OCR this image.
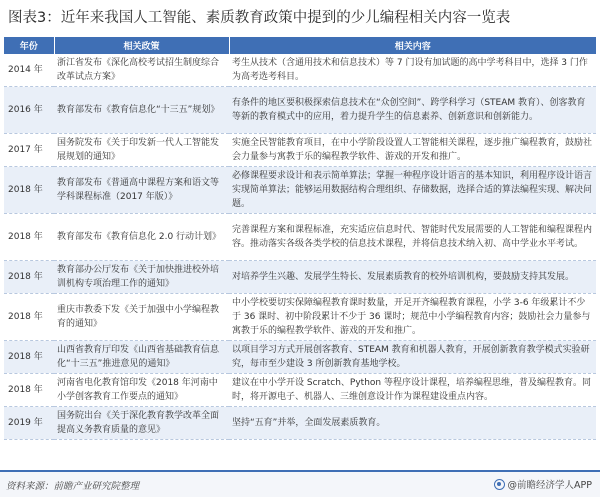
图表3：近年来我国人工智能、素质教育政策中提到的少儿编程相关内容一览表
年份	相关政策	相关内容
2014 年	浙江省发布《深化高校考试招生制度综合改革试点方案》	考生从技术（含通用技术和信息技术）等 7 门设有加试题的高中学考科目中，选择 3 门作为高考选考科目。
2016 年	教育部发布《教育信息化“十三五”规划》	有条件的地区要积极探索信息技术在“众创空间”、跨学科学习（STEAM 教育）、创客教育等新的教育模式中的应用，着力提升学生的信息素养、创新意识和创新能力。
2017 年	国务院发布《关于印发新一代人工智能发展规划的通知》	实施全民智能教育项目，在中小学阶段设置人工智能相关课程，逐步推广编程教育，鼓励社会力量参与寓教于乐的编程教学软件、游戏的开发和推广。
2018 年	教育部发布《普通高中课程方案和语文等学科课程标准（2017 年版）》	必修课程要求设计和表示简单算法；掌握一种程序设计语言的基本知识，利用程序设计语言实现简单算法；能够运用数据结构合理组织、存储数据，选择合适的算法编程实现、解决问题。
2018 年	教育部发布《教育信息化 2.0 行动计划》	完善课程方案和课程标准，充实适应信息时代、智能时代发展需要的人工智能和编程课程内容。推动落实各级各类学校的信息技术课程，并将信息技术纳入初、高中学业水平考试。
2018 年	教育部办公厅发布《关于加快推进校外培训机构专项治理工作的通知》	对培养学生兴趣、发展学生特长、发展素质教育的校外培训机构，要鼓励支持其发展。
2018 年	重庆市教委下发《关于加强中小学编程教育的通知》	中小学校要切实保障编程教育课时数量，开足开齐编程教育课程，小学 3-6 年级累计不少于 36 课时、初中阶段累计不少于 36 课时；规范中小学编程教育内容；鼓励社会力量参与寓教于乐的编程教学软件、游戏的开发和推广。
2018 年	山西省教育厅印发《山西省基础教育信息化“十三五”推进意见的通知》	以项目学习方式开展创客教育、STEAM 教育和机器人教育，开展创新教育教学模式实验研究，每市至少建设 3 所创新教育基地学校。
2018 年	河南省电化教育馆印发《2018 年河南中小学创客教育工作要点的通知》	建议在中小学开设 Scratch、Python 等程序设计课程，培养编程思维，普及编程教育。同时，将开源电子、机器人、三维创意设计作为课程建设重点内容。
2019 年	国务院出台《关于深化教育教学改革全面提高义务教育质量的意见》	坚持“五育”并举，全面发展素质教育。
资料来源：前瞻产业研究院整理	@前瞻经济学人APP
